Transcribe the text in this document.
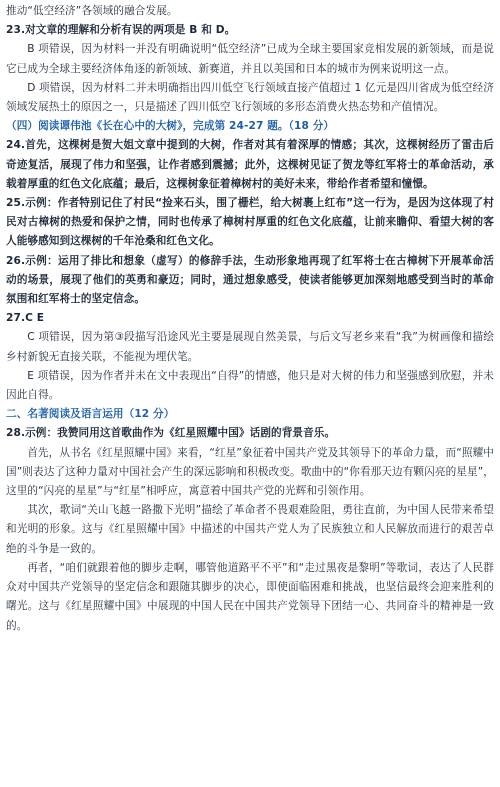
推动“低空经济”各领域的融合发展。

23.对文章的理解和分析有误的两项是 B 和 D。

B 项错误，因为材料一并没有明确说明“低空经济”已成为全球主要国家竞相发展的新领域，而是说它已成为全球主要经济体角逐的新领域、新赛道，并且以美国和日本的城市为例来说明这一点。

D 项错误，因为材料二并未明确指出四川低空飞行领域直接产值超过 1 亿元是四川省成为低空经济领域发展热土的原因之一，只是描述了四川低空飞行领域的多形态消费火热态势和产值情况。

（四）阅读谭伟池《长在心中的大树》，完成第 24-27 题。（18 分）

24.首先，这棵树是贺大姐文章中提到的大树，作者对其有着深厚的情感；其次，这棵树经历了雷击后奇迹复活，展现了伟力和坚强，让作者感到震撼；此外，这棵树见证了贺龙等红军将士的革命活动，承载着厚重的红色文化底蕴；最后，这棵树象征着樟树村的美好未来，带给作者希望和憧憬。

25.示例：作者特别记住了村民“捡来石头，围了栅栏，给大树裹上红布”这一行为，是因为这体现了村民对古樟树的热爱和保护之情，同时也传承了樟树村厚重的红色文化底蕴，让前来瞻仰、看望大树的客人能够感知到这棵树的千年沧桑和红色文化。

26.示例：运用了排比和想象（虚写）的修辞手法，生动形象地再现了红军将士在古樟树下开展革命活动的场景，展现了他们的英勇和豪迈；同时，通过想象感受，使读者能够更加深刻地感受到当时的革命氛围和红军将士的坚定信念。

27.C E

C 项错误，因为第③段描写沿途风光主要是展现自然美景，与后文写老乡来看“我”为树画像和描绘乡村新貌无直接关联，不能视为埋伏笔。

E 项错误，因为作者并未在文中表现出“自得”的情感，他只是对大树的伟力和坚强感到欣慰，并未因此自得。

二、名著阅读及语言运用（12 分）

28.示例：我赞同用这首歌曲作为《红星照耀中国》话剧的背景音乐。

首先，从书名《红星照耀中国》来看，“红星”象征着中国共产党及其领导下的革命力量，而“照耀中国”则表达了这种力量对中国社会产生的深远影响和积极改变。歌曲中的“你看那天边有颗闪亮的星星”，这里的“闪亮的星星”与“红星”相呼应，寓意着中国共产党的光辉和引领作用。

其次，歌词“关山飞越一路撒下光明”描绘了革命者不畏艰难险阻，勇往直前，为中国人民带来希望和光明的形象。这与《红星照耀中国》中描述的中国共产党人为了民族独立和人民解放而进行的艰苦卓绝的斗争是一致的。

再者，“咱们就跟着他的脚步走啊，哪管他道路平不平”和“走过黑夜是黎明”等歌词，表达了人民群众对中国共产党领导的坚定信念和跟随其脚步的决心，即使面临困难和挑战，也坚信最终会迎来胜利的曙光。这与《红星照耀中国》中展现的中国人民在中国共产党领导下团结一心、共同奋斗的精神是一致的。
